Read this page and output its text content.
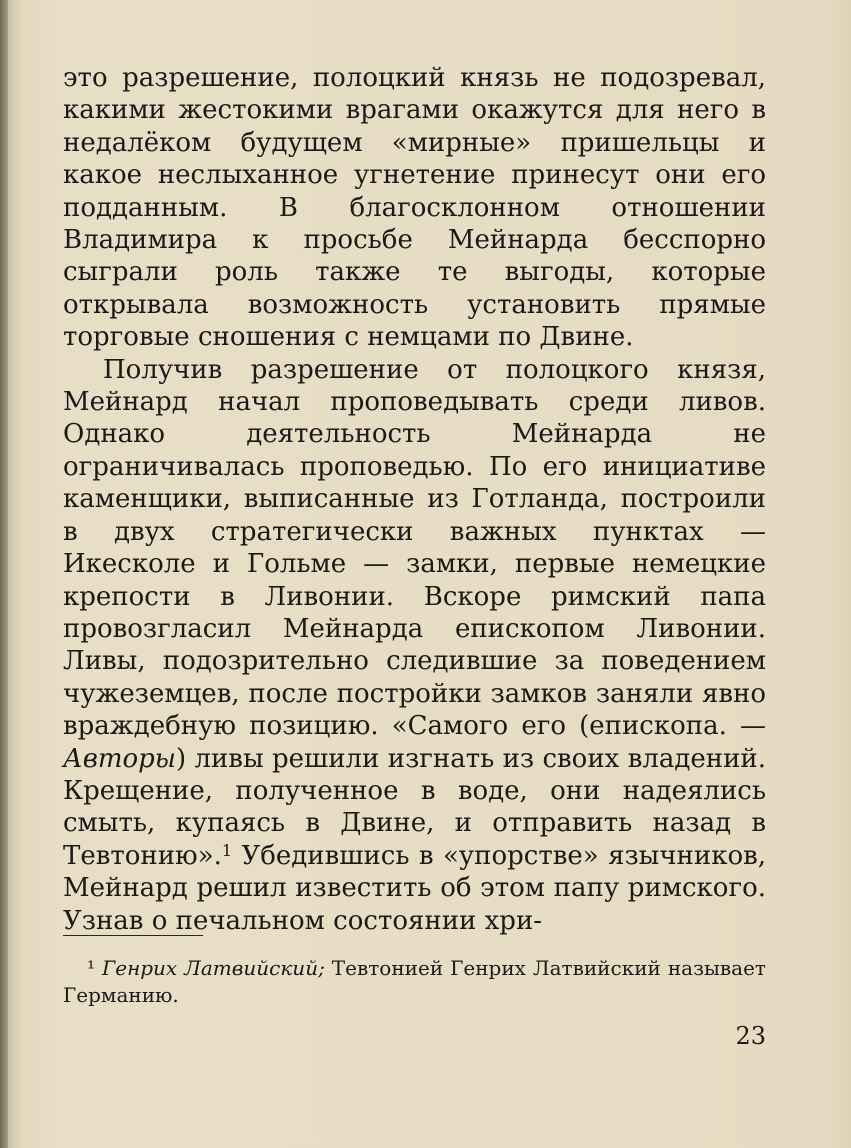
это разрешение, полоцкий князь не подозревал, какими жестокими врагами окажутся для него в недалёком будущем «мирные» пришельцы и какое неслыханное угнетение принесут они его подданным. В благосклонном отношении Владимира к просьбе Мейнарда бесспорно сыграли роль также те выгоды, которые открывала возможность установить прямые торговые сношения с немцами по Двине.

Получив разрешение от полоцкого князя, Мейнард начал проповедывать среди ливов. Однако деятельность Мейнарда не ограничивалась проповедью. По его инициативе каменщики, выписанные из Готланда, построили в двух стратегически важных пунктах — Икесколе и Гольме — замки, первые немецкие крепости в Ливонии. Вскоре римский папа провозгласил Мейнарда епископом Ливонии. Ливы, подозрительно следившие за поведением чужеземцев, после постройки замков заняли явно враждебную позицию. «Самого его (епископа. — Авторы) ливы решили изгнать из своих владений. Крещение, полученное в воде, они надеялись смыть, купаясь в Двине, и отправить назад в Тевтонию».$^1$ Убедившись в «упорстве» язычников, Мейнард решил известить об этом папу римского. Узнав о печальном состоянии хри-

¹ Генрих Латвийский; Тевтонией Генрих Латвийский называет Германию.
23
